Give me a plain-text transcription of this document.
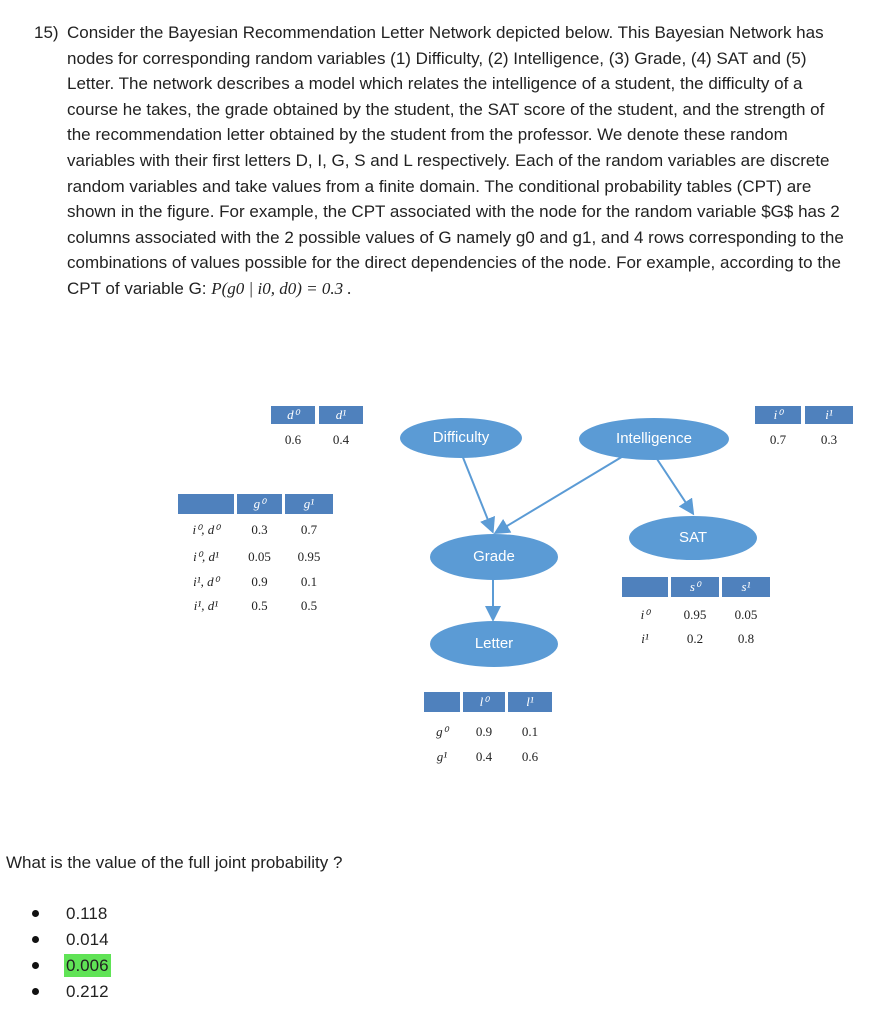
15) Consider the Bayesian Recommendation Letter Network depicted below. This Bayesian Network has nodes for corresponding random variables (1) Difficulty, (2) Intelligence, (3) Grade, (4) SAT and (5) Letter. The network describes a model which relates the intelligence of a student, the difficulty of a course he takes, the grade obtained by the student, the SAT score of the student, and the strength of the recommendation letter obtained by the student from the professor. We denote these random variables with their first letters D, I, G, S and L respectively. Each of the random variables are discrete random variables and take values from a finite domain. The conditional probability tables (CPT) are shown in the figure. For example, the CPT associated with the node for the random variable $G$ has 2 columns associated with the 2 possible values of G namely g0 and g1, and 4 rows corresponding to the combinations of values possible for the direct dependencies of the node. For example, according to the CPT of variable G: P(g0 | i0, d0) = 0.3 .
Difficulty	Intelligence
Grade
SAT
Letter
d⁰	d¹
0.6	0.4
i⁰	i¹
0.7	0.3
g⁰	g¹
i⁰, d⁰	0.3	0.7
i⁰, d¹	0.05	0.95
i¹, d⁰	0.9	0.1
i¹, d¹	0.5	0.5
s⁰	s¹
i⁰	0.95	0.05
i¹	0.2	0.8
l⁰	l¹
g⁰	0.9	0.1
g¹	0.4	0.6
What is the value of the full joint probability ?
0.118
0.014
0.006
0.212
